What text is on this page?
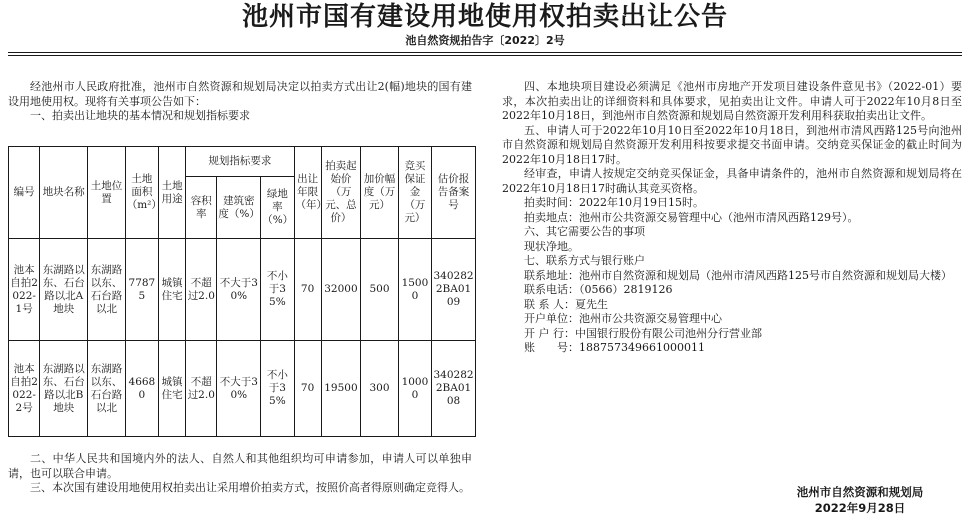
池州市国有建设用地使用权拍卖出让公告
池自然资规拍告字〔2022〕2号

经池州市人民政府批准，池州市自然资源和规划局决定以拍卖方式出让2(幅)地块的国有建设用地使用权。现将有关事项公告如下：

一、拍卖出让地块的基本情况和规划指标要求

编号	地块名称	土地位置	土地面积（m²）	土地用途	规划指标要求			出让年限（年）	拍卖起始价（万元、总价）	加价幅度（万元）	竞买保证金（万元）	估价报告备案号
					容积率	建筑密度（%）	绿地率（%）					
池本自拍2022-1号	东湖路以东、石台路以北A地块	东湖路以东、石台路以北	77875	城镇住宅	不超过2.0	不大于30%	不小于35%	70	32000	500	15000	3402822BA0109
池本自拍2022-2号	东湖路以东、石台路以北B地块	东湖路以东、石台路以北	46680	城镇住宅	不超过2.0	不大于30%	不小于35%	70	19500	300	10000	3402822BA0108

二、中华人民共和国境内外的法人、自然人和其他组织均可申请参加，申请人可以单独申请，也可以联合申请。

三、本次国有建设用地使用权拍卖出让采用增价拍卖方式，按照价高者得原则确定竞得人。

四、本地块项目建设必须满足《池州市房地产开发项目建设条件意见书》（2022-01）要求，本次拍卖出让的详细资料和具体要求，见拍卖出让文件。申请人可于2022年10月8日至2022年10月18日，到池州市自然资源和规划局自然资源开发利用科获取拍卖出让文件。

五、申请人可于2022年10月10日至2022年10月18日，到池州市清风西路125号向池州市自然资源和规划局自然资源开发利用科按要求提交书面申请。交纳竞买保证金的截止时间为2022年10月18日17时。

经审查，申请人按规定交纳竞买保证金，具备申请条件的，池州市自然资源和规划局将在2022年10月18日17时确认其竞买资格。

拍卖时间：2022年10月19日15时。

拍卖地点：池州市公共资源交易管理中心（池州市清风西路129号）。

六、其它需要公告的事项

现状净地。

七、联系方式与银行账户

联系地址：池州市自然资源和规划局（池州市清风西路125号市自然资源和规划局大楼）

联系电话：（0566）2819126

联 系 人：夏先生

开户单位：池州市公共资源交易管理中心

开 户 行：中国银行股份有限公司池州分行营业部

账　　号：188757349661000011

池州市自然资源和规划局
2022年9月28日
